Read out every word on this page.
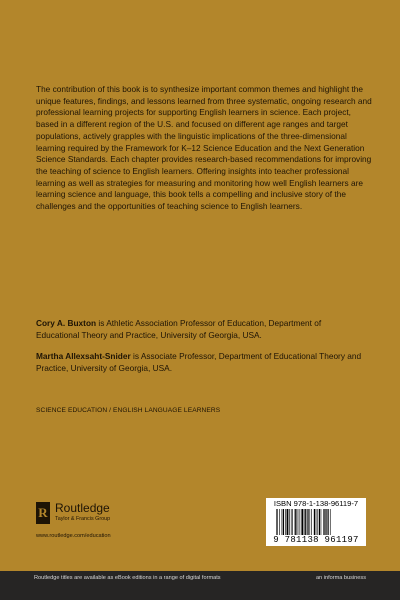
The contribution of this book is to synthesize important common themes and highlight the unique features, findings, and lessons learned from three systematic, ongoing research and professional learning projects for supporting English learners in science. Each project, based in a different region of the U.S. and focused on different age ranges and target populations, actively grapples with the linguistic implications of the three-dimensional learning required by the Framework for K–12 Science Education and the Next Generation Science Standards. Each chapter provides research-based recommendations for improving the teaching of science to English learners. Offering insights into teacher professional learning as well as strategies for measuring and monitoring how well English learners are learning science and language, this book tells a compelling and inclusive story of the challenges and the opportunities of teaching science to English learners.

Cory A. Buxton is Athletic Association Professor of Education, Department of Educational Theory and Practice, University of Georgia, USA.

Martha Allexsaht-Snider is Associate Professor, Department of Educational Theory and Practice, University of Georgia, USA.

SCIENCE EDUCATION / ENGLISH LANGUAGE LEARNERS
R Routledge
Taylor & Francis Group
www.routledge.com/education
ISBN 978-1-138-96119-7
9 781138 961197
Routledge titles are available as eBook editions in a range of digital formats	an informa business
